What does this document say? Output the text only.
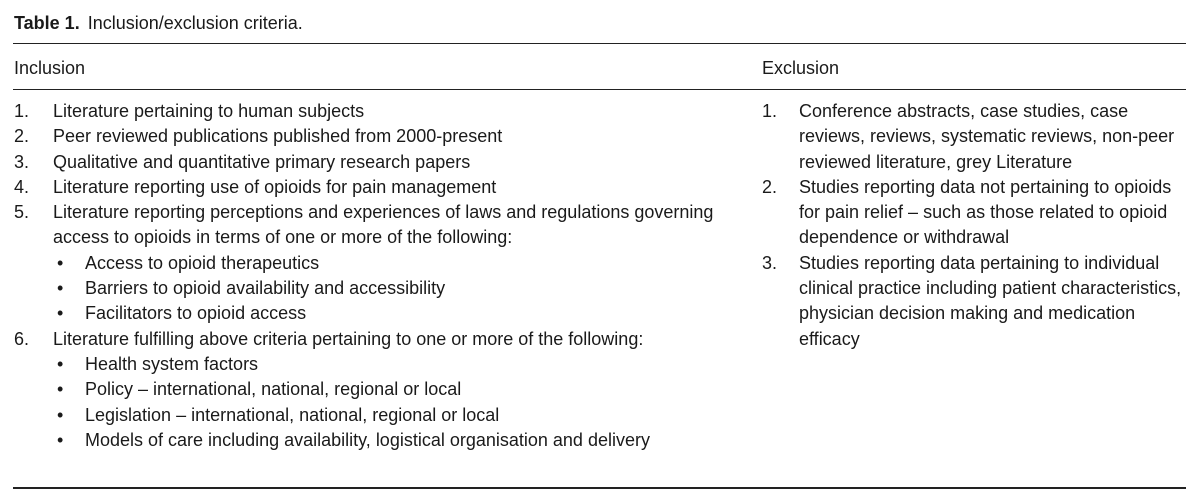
Table 1. Inclusion/exclusion criteria.
Inclusion	Exclusion
1. Literature pertaining to human subjects
2. Peer reviewed publications published from 2000-present
3. Qualitative and quantitative primary research papers
4. Literature reporting use of opioids for pain management
5. Literature reporting perceptions and experiences of laws and regulations governing access to opioids in terms of one or more of the following:
• Access to opioid therapeutics
• Barriers to opioid availability and accessibility
• Facilitators to opioid access
6. Literature fulfilling above criteria pertaining to one or more of the following:
• Health system factors
• Policy – international, national, regional or local
• Legislation – international, national, regional or local
• Models of care including availability, logistical organisation and delivery
1. Conference abstracts, case studies, case reviews, reviews, systematic reviews, non-peer reviewed literature, grey Literature
2. Studies reporting data not pertaining to opioids for pain relief – such as those related to opioid dependence or withdrawal
3. Studies reporting data pertaining to individual clinical practice including patient characteristics, physician decision making and medication efficacy
